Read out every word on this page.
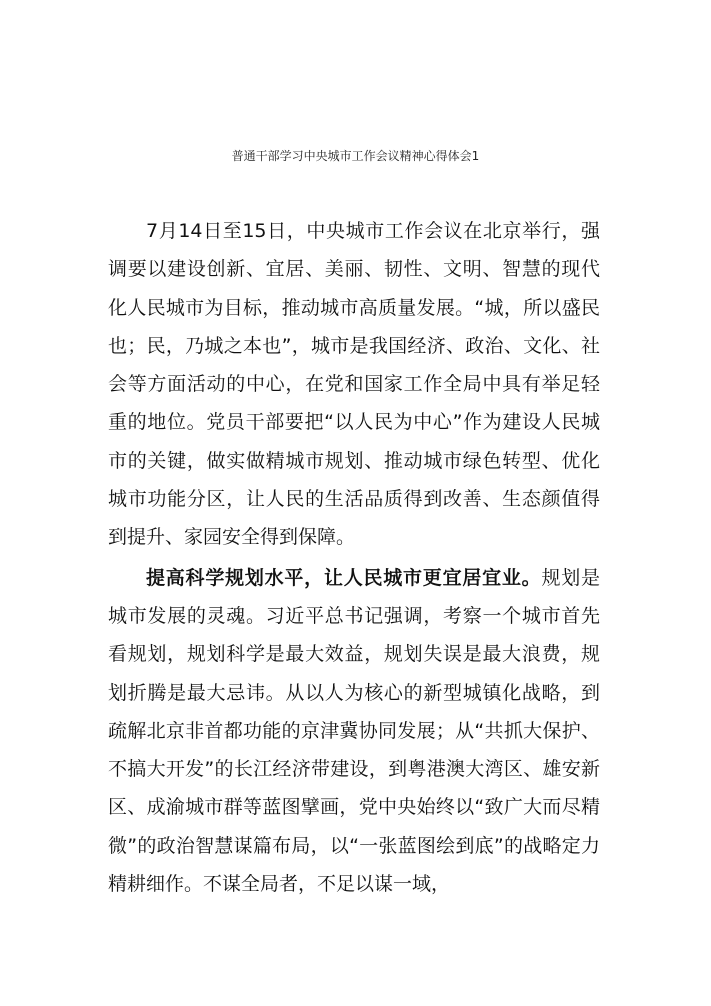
普通干部学习中央城市工作会议精神心得体会1

7月14日至15日，中央城市工作会议在北京举行，强调要以建设创新、宜居、美丽、韧性、文明、智慧的现代化人民城市为目标，推动城市高质量发展。“城，所以盛民也；民，乃城之本也”，城市是我国经济、政治、文化、社会等方面活动的中心，在党和国家工作全局中具有举足轻重的地位。党员干部要把“以人民为中心”作为建设人民城市的关键，做实做精城市规划、推动城市绿色转型、优化城市功能分区，让人民的生活品质得到改善、生态颜值得到提升、家园安全得到保障。

提高科学规划水平，让人民城市更宜居宜业。规划是城市发展的灵魂。习近平总书记强调，考察一个城市首先看规划，规划科学是最大效益，规划失误是最大浪费，规划折腾是最大忌讳。从以人为核心的新型城镇化战略，到疏解北京非首都功能的京津冀协同发展；从“共抓大保护、不搞大开发”的长江经济带建设，到粤港澳大湾区、雄安新区、成渝城市群等蓝图擘画，党中央始终以“致广大而尽精微”的政治智慧谋篇布局，以“一张蓝图绘到底”的战略定力精耕细作。不谋全局者，不足以谋一域，
